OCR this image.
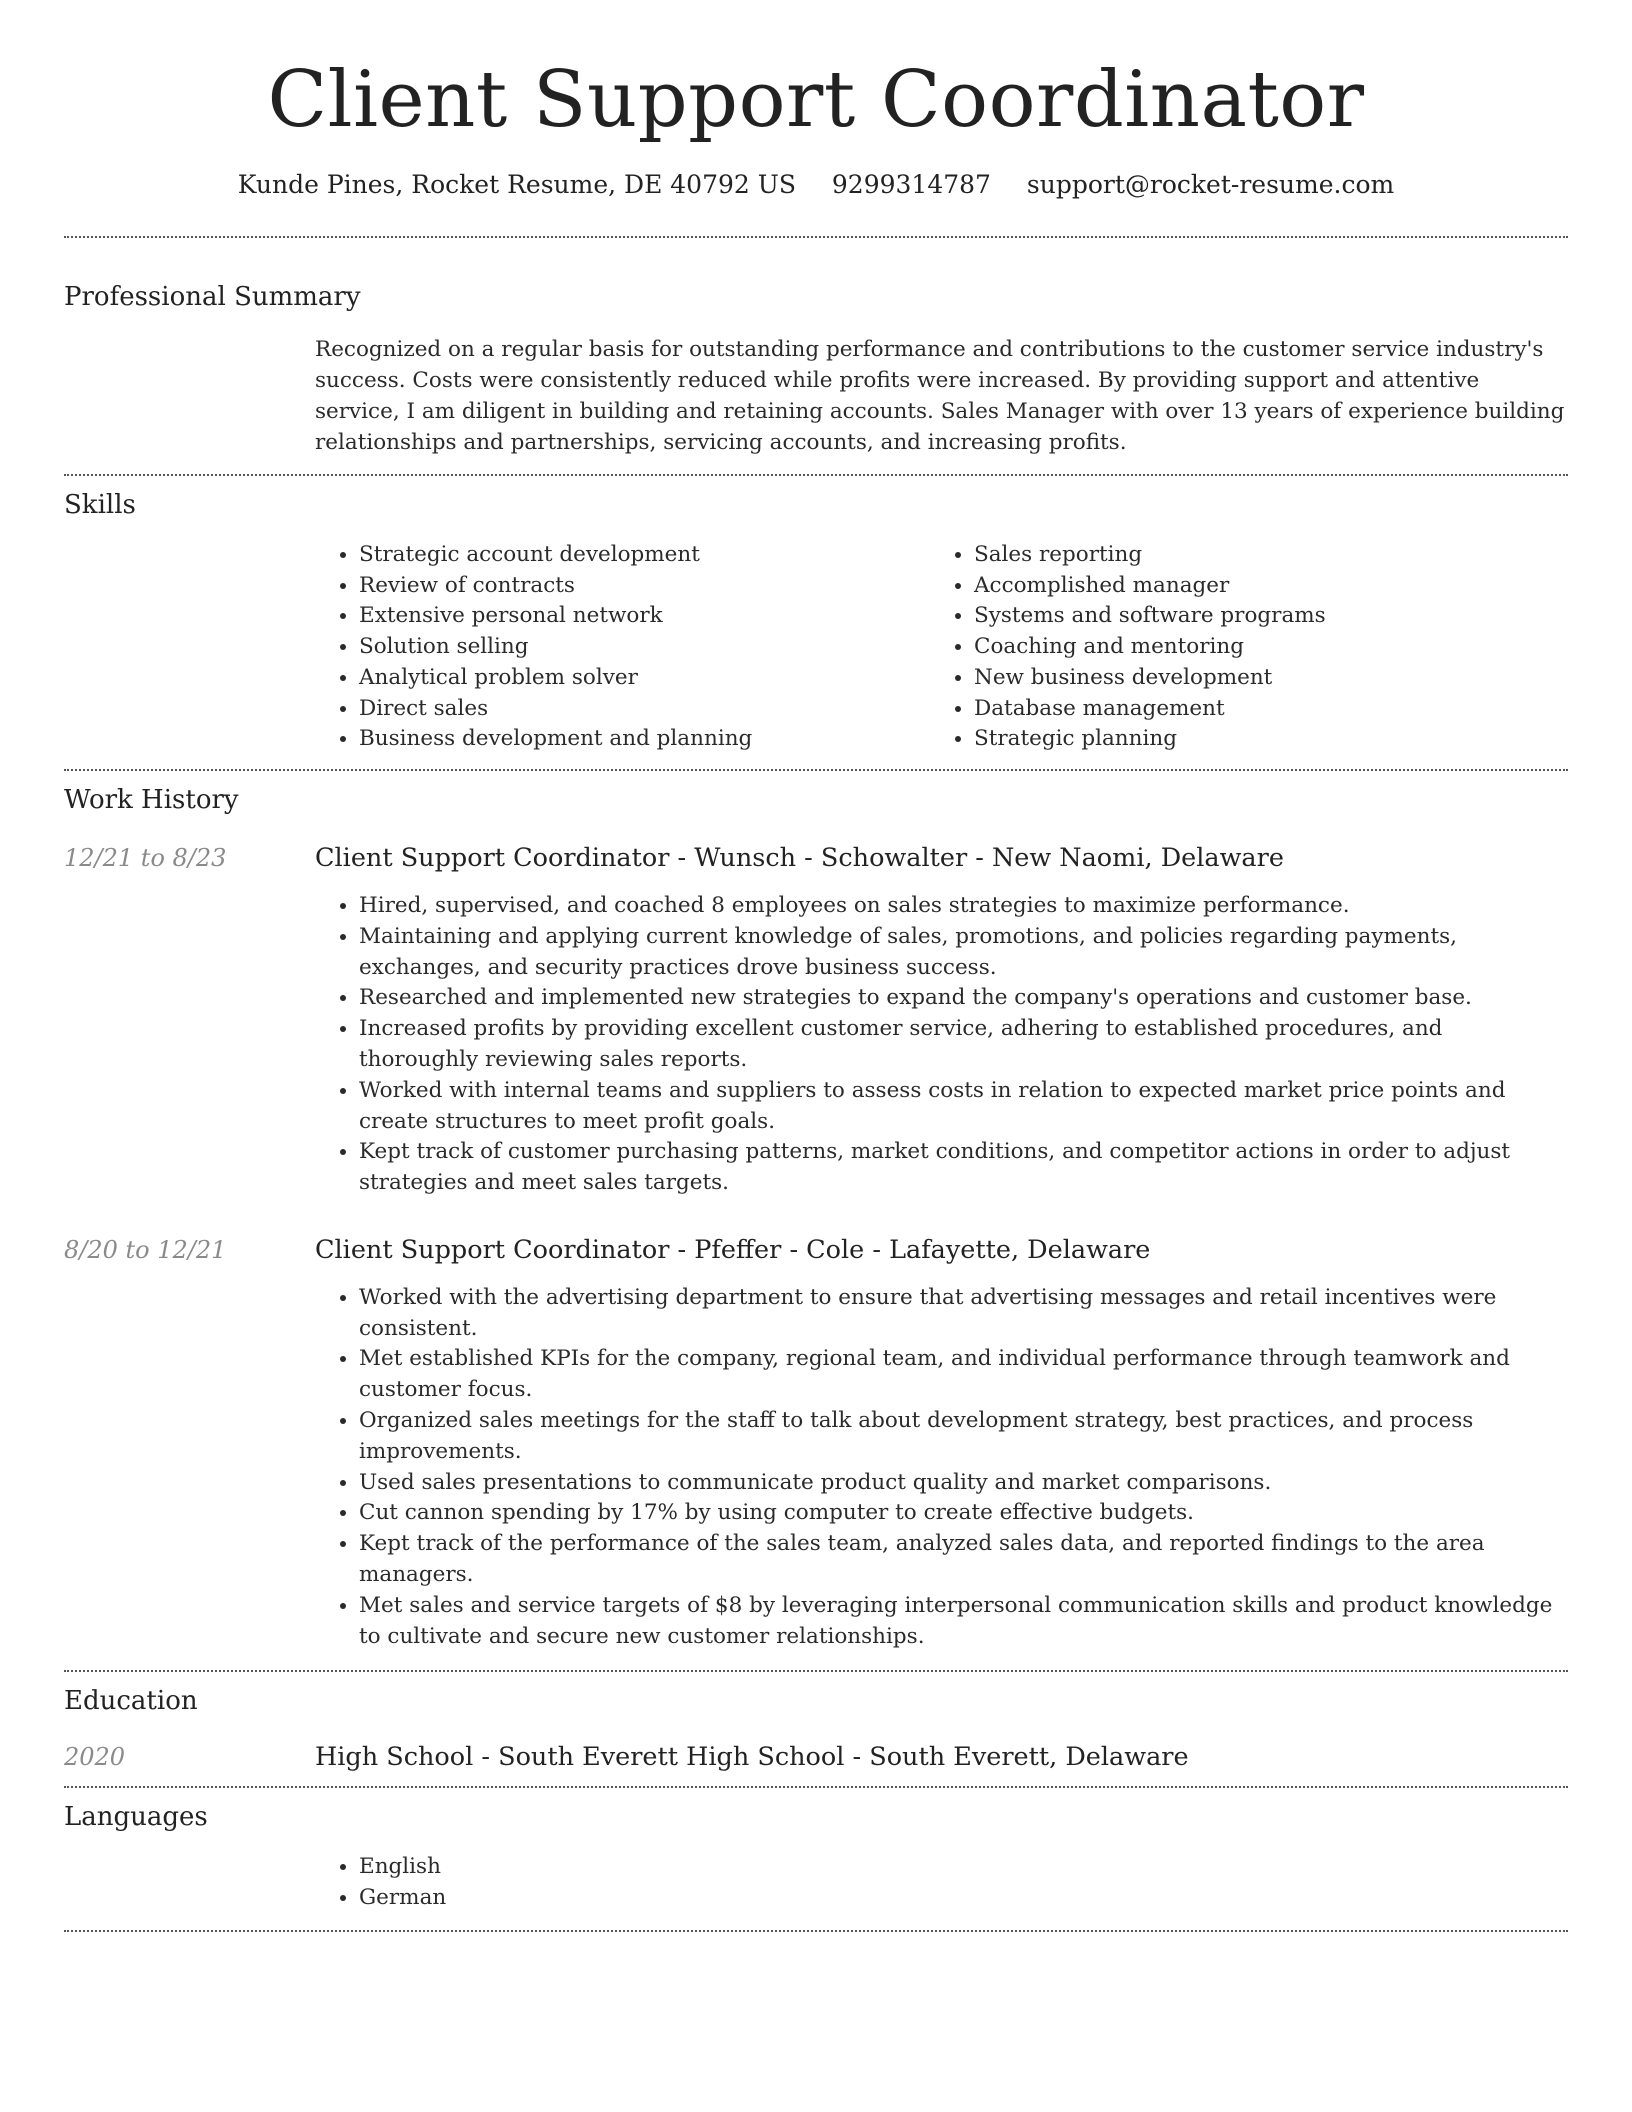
Client Support Coordinator
Kunde Pines, Rocket Resume, DE 40792 US 9299314787 support@rocket-resume.com
Professional Summary
Recognized on a regular basis for outstanding performance and contributions to the customer service industry's success. Costs were consistently reduced while profits were increased. By providing support and attentive service, I am diligent in building and retaining accounts. Sales Manager with over 13 years of experience building relationships and partnerships, servicing accounts, and increasing profits.
Skills
• Strategic account development
• Review of contracts
• Extensive personal network
• Solution selling
• Analytical problem solver
• Direct sales
• Business development and planning
• Sales reporting
• Accomplished manager
• Systems and software programs
• Coaching and mentoring
• New business development
• Database management
• Strategic planning
Work History
12/21 to 8/23	Client Support Coordinator - Wunsch - Schowalter - New Naomi, Delaware
• Hired, supervised, and coached 8 employees on sales strategies to maximize performance.
• Maintaining and applying current knowledge of sales, promotions, and policies regarding payments, exchanges, and security practices drove business success.
• Researched and implemented new strategies to expand the company's operations and customer base.
• Increased profits by providing excellent customer service, adhering to established procedures, and thoroughly reviewing sales reports.
• Worked with internal teams and suppliers to assess costs in relation to expected market price points and create structures to meet profit goals.
• Kept track of customer purchasing patterns, market conditions, and competitor actions in order to adjust strategies and meet sales targets.
8/20 to 12/21	Client Support Coordinator - Pfeffer - Cole - Lafayette, Delaware
• Worked with the advertising department to ensure that advertising messages and retail incentives were consistent.
• Met established KPIs for the company, regional team, and individual performance through teamwork and customer focus.
• Organized sales meetings for the staff to talk about development strategy, best practices, and process improvements.
• Used sales presentations to communicate product quality and market comparisons.
• Cut cannon spending by 17% by using computer to create effective budgets.
• Kept track of the performance of the sales team, analyzed sales data, and reported findings to the area managers.
• Met sales and service targets of $8 by leveraging interpersonal communication skills and product knowledge to cultivate and secure new customer relationships.
Education
2020	High School - South Everett High School - South Everett, Delaware
Languages
• English
• German
